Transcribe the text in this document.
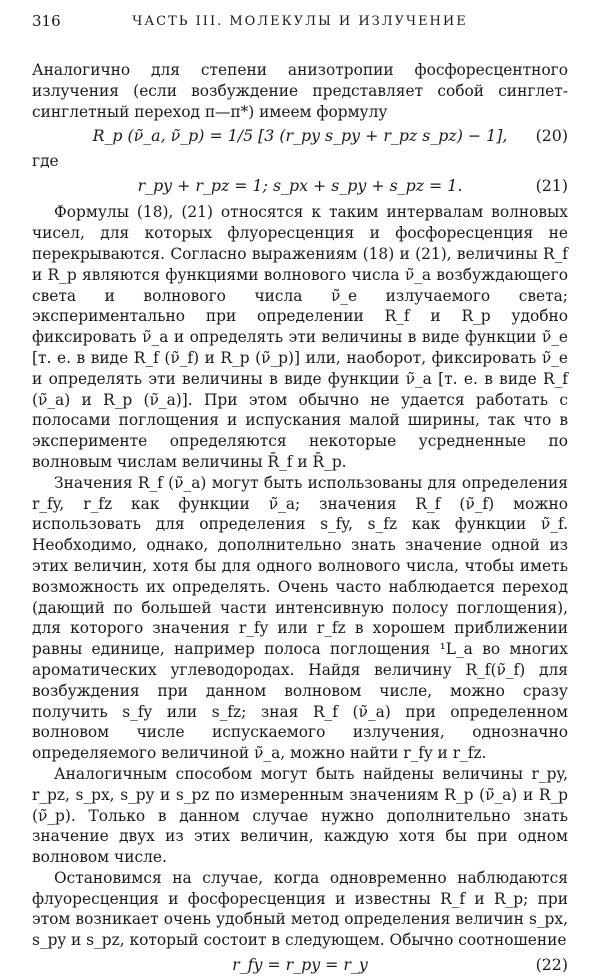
316	ЧАСТЬ III. МОЛЕКУЛЫ И ИЗЛУЧЕНИЕ

Аналогично для степени анизотропии фосфоресцентного излучения (если возбуждение представляет собой синглет-синглетный переход π—π*) имеем формулу

R_p (ν̃_a, ν̃_p) = 1/5 [3 (r_py s_py + r_pz s_pz) − 1],	(20)

где

r_py + r_pz = 1; s_px + s_py + s_pz = 1.	(21)

Формулы (18), (21) относятся к таким интервалам волновых чисел, для которых флуоресценция и фосфоресценция не перекрываются. Согласно выражениям (18) и (21), величины R_f и R_p являются функциями волнового числа ν̃_a возбуждающего света и волнового числа ν̃_e излучаемого света; экспериментально при определении R_f и R_p удобно фиксировать ν̃_a и определять эти величины в виде функции ν̃_e [т. е. в виде R_f (ν̃_f) и R_p (ν̃_p)] или, наоборот, фиксировать ν̃_e и определять эти величины в виде функции ν̃_a [т. е. в виде R_f (ν̃_a) и R_p (ν̃_a)]. При этом обычно не удается работать с полосами поглощения и испускания малой ширины, так что в эксперименте определяются некоторые усредненные по волновым числам величины R̄_f и R̄_p.

Значения R_f (ν̃_a) могут быть использованы для определения r_fy, r_fz как функции ν̃_a; значения R_f (ν̃_f) можно использовать для определения s_fy, s_fz как функции ν̃_f. Необходимо, однако, дополнительно знать значение одной из этих величин, хотя бы для одного волнового числа, чтобы иметь возможность их определять. Очень часто наблюдается переход (дающий по большей части интенсивную полосу поглощения), для которого значения r_fy или r_fz в хорошем приближении равны единице, например полоса поглощения ¹L_a во многих ароматических углеводородах. Найдя величину R_f(ν̃_f) для возбуждения при данном волновом числе, можно сразу получить s_fy или s_fz; зная R_f (ν̃_a) при определенном волновом числе испускаемого излучения, однозначно определяемого величиной ν̃_a, можно найти r_fy и r_fz.

Аналогичным способом могут быть найдены величины r_py, r_pz, s_px, s_py и s_pz по измеренным значениям R_p (ν̃_a) и R_p (ν̃_p). Только в данном случае нужно дополнительно знать значение двух из этих величин, каждую хотя бы при одном волновом числе.

Остановимся на случае, когда одновременно наблюдаются флуоресценция и фосфоресценция и известны R_f и R_p; при этом возникает очень удобный метод определения величин s_px, s_py и s_pz, который состоит в следующем. Обычно соотношение

r_fy = r_py = r_y	(22)
